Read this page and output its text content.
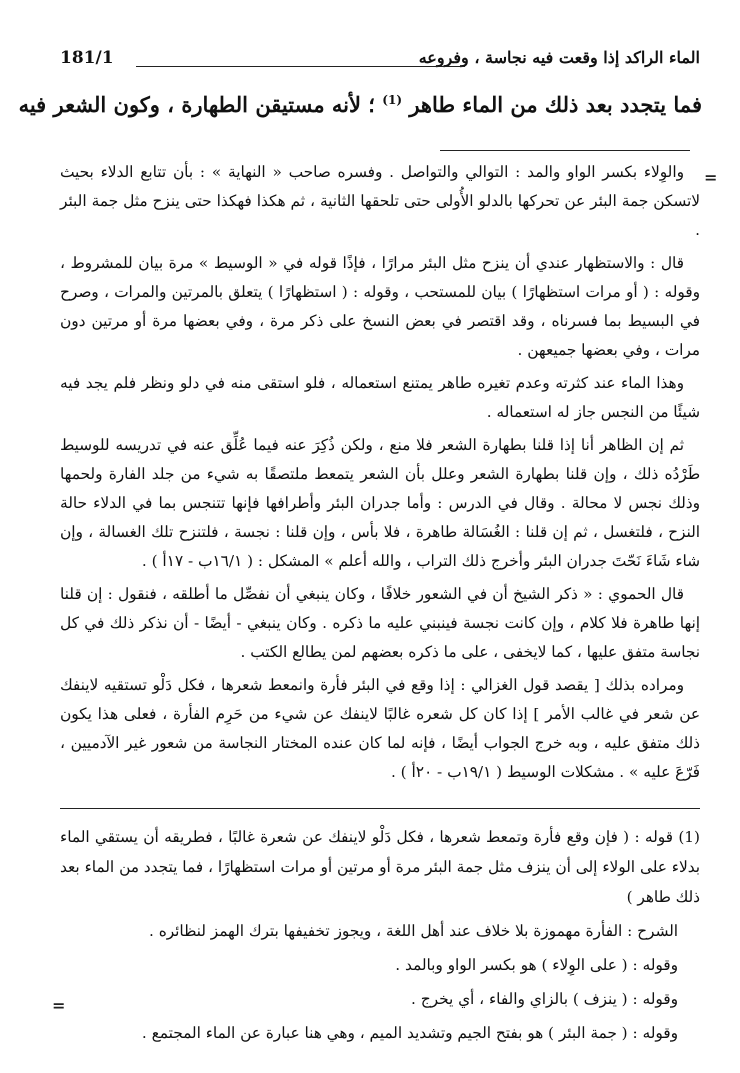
الماء الراكد إذا وقعت فيه نجاسة ، وفروعه
181/1
فما يتجدد بعد ذلك من الماء طاهر $^{(1)}$ ؛ لأنه مستيقن الطهارة ، وكون الشعر فيه
=

والوِلاء بكسر الواو والمد : التوالي والتواصل . وفسره صاحب « النهاية » : بأن تتابع الدلاء بحيث لاتسكن جمة البئر عن تحركها بالدلو الأُولى حتى تلحقها الثانية ، ثم هكذا فهكذا حتى ينزح مثل جمة البئر .

قال : والاستظهار عندي أن ينزح مثل البئر مرارًا ، فإذًا قوله في « الوسيط » مرة بيان للمشروط ، وقوله : ( أو مرات استظهارًا ) بيان للمستحب ، وقوله : ( استظهارًا ) يتعلق بالمرتين والمرات ، وصرح في البسيط بما فسرناه ، وقد اقتصر في بعض النسخ على ذكر مرة ، وفي بعضها مرة أو مرتين دون مرات ، وفي بعضها جميعهن .

وهذا الماء عند كثرته وعدم تغيره طاهر يمتنع استعماله ، فلو استقى منه في دلو ونظر فلم يجد فيه شيئًا من النجس جاز له استعماله .

ثم إن الظاهر أنا إذا قلنا بطهارة الشعر فلا منع ، ولكن ذُكِرَ عنه فيما عُلِّق عنه في تدريسه للوسيط طَرْدُه ذلك ، وإن قلنا بطهارة الشعر وعلل بأن الشعر يتمعط ملتصقًا به شيء من جلد الفارة ولحمها وذلك نجس لا محالة . وقال في الدرس : وأما جدران البئر وأطرافها فإنها تتنجس بما في الدلاء حالة النزح ، فلتغسل ، ثم إن قلنا : الغُسَالة طاهرة ، فلا بأس ، وإن قلنا : نجسة ، فلتنزح تلك الغسالة ، وإن شاء شَاءَ نَحّتَ جدران البئر وأخرج ذلك التراب ، والله أعلم » المشكل : ( ١٦/١ب - ١٧أ ) .

قال الحموي : « ذكر الشيخ أن في الشعور خلافًا ، وكان ينبغي أن نفصِّل ما أطلقه ، فنقول : إن قلنا إنها طاهرة فلا كلام ، وإن كانت نجسة فينبني عليه ما ذكره . وكان ينبغي - أيضًا - أن نذكر ذلك في كل نجاسة متفق عليها ، كما لايخفى ، على ما ذكره بعضهم لمن يطالع الكتب .

ومراده بذلك [ يقصد قول الغزالي : إذا وقع في البئر فأرة وانمعط شعرها ، فكل دَلْو تستقيه لاينفك عن شعر في غالب الأمر ] إذا كان كل شعره غالبًا لاينفك عن شيء من حَرِم الفأرة ، فعلى هذا يكون ذلك متفق عليه ، وبه خرج الجواب أيضًا ، فإنه لما كان عنده المختار النجاسة من شعور غير الآدميين ، فَرّعَ عليه » . مشكلات الوسيط ( ١٩/١ب - ٢٠أ ) .

(1) قوله : ( فإن وقع فأرة وتمعط شعرها ، فكل دَلْو لاينفك عن شعرة غالبًا ، فطريقه أن يستقي الماء بدلاء على الولاء إلى أن ينزف مثل جمة البئر مرة أو مرتين أو مرات استظهارًا ، فما يتجدد من الماء بعد ذلك طاهر )

الشرح : الفأرة مهموزة بلا خلاف عند أهل اللغة ، ويجوز تخفيفها بترك الهمز لنظائره .

وقوله : ( على الوِلاء ) هو بكسر الواو وبالمد .

وقوله : ( ينزف ) بالزاي والفاء ، أي يخرج .

وقوله : ( جمة البئر ) هو بفتح الجيم وتشديد الميم ، وهي هنا عبارة عن الماء المجتمع .

=
